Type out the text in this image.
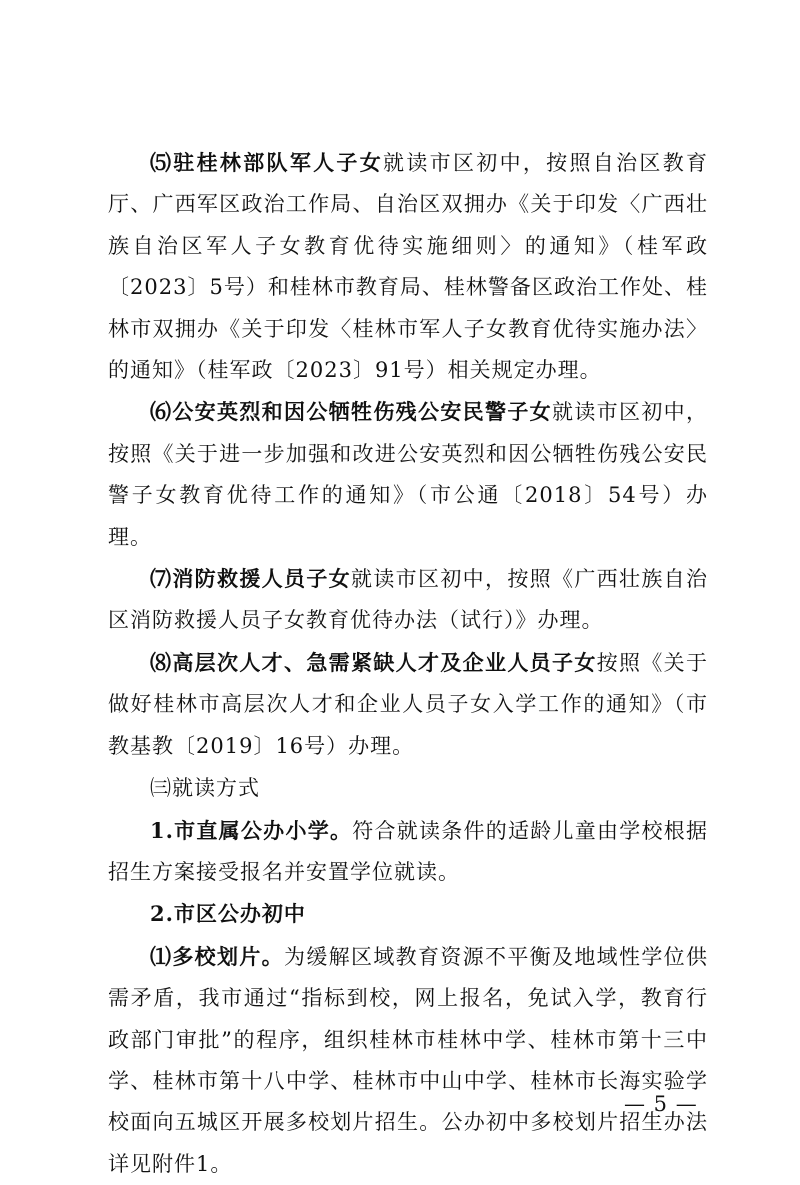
⑸驻桂林部队军人子女就读市区初中，按照自治区教育厅、广西军区政治工作局、自治区双拥办《关于印发〈广西壮族自治区军人子女教育优待实施细则〉的通知》（桂军政〔2023〕5号）和桂林市教育局、桂林警备区政治工作处、桂林市双拥办《关于印发〈桂林市军人子女教育优待实施办法〉的通知》（桂军政〔2023〕91号）相关规定办理。

⑹公安英烈和因公牺牲伤残公安民警子女就读市区初中，按照《关于进一步加强和改进公安英烈和因公牺牲伤残公安民警子女教育优待工作的通知》（市公通〔2018〕54号）办理。

⑺消防救援人员子女就读市区初中，按照《广西壮族自治区消防救援人员子女教育优待办法（试行）》办理。

⑻高层次人才、急需紧缺人才及企业人员子女按照《关于做好桂林市高层次人才和企业人员子女入学工作的通知》（市教基教〔2019〕16号）办理。

㈢就读方式

1.市直属公办小学。符合就读条件的适龄儿童由学校根据招生方案接受报名并安置学位就读。

2.市区公办初中

⑴多校划片。为缓解区域教育资源不平衡及地域性学位供需矛盾，我市通过“指标到校，网上报名，免试入学，教育行政部门审批”的程序，组织桂林市桂林中学、桂林市第十三中学、桂林市第十八中学、桂林市中山中学、桂林市长海实验学校面向五城区开展多校划片招生。公办初中多校划片招生办法详见附件1。

— 5 —
